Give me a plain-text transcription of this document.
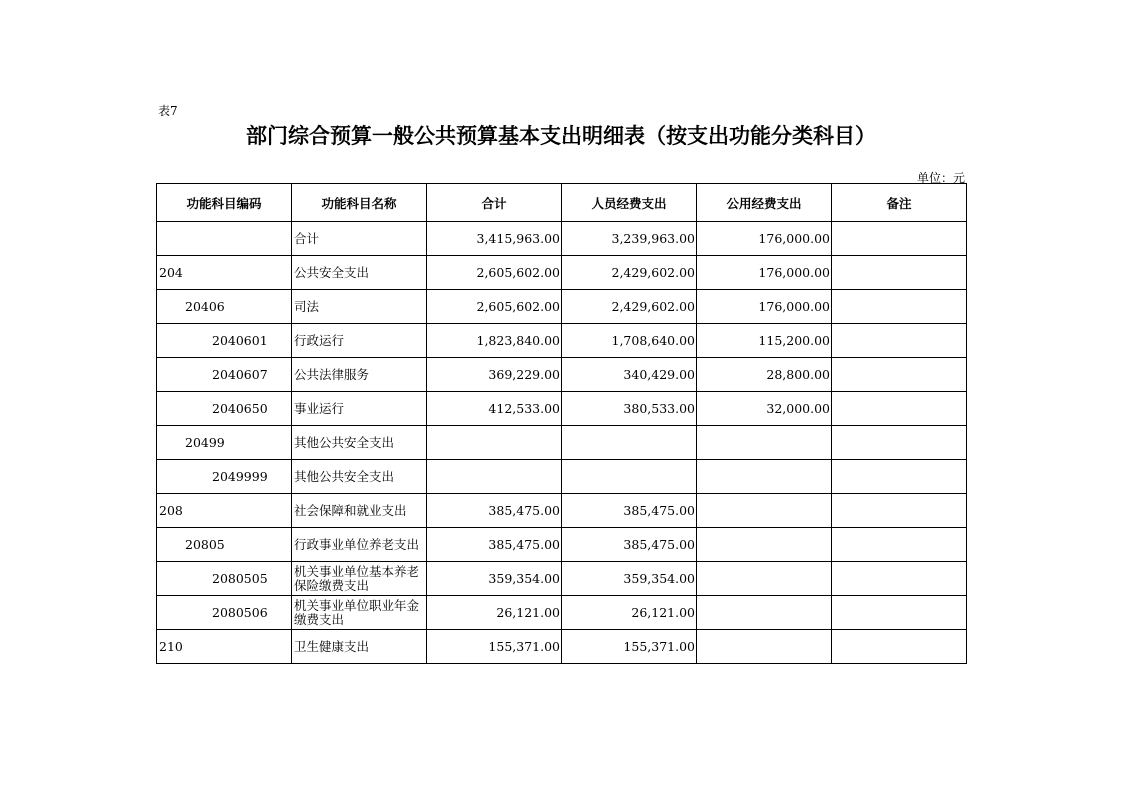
表7
部门综合预算一般公共预算基本支出明细表（按支出功能分类科目）
单位：元
功能科目编码	功能科目名称	合计	人员经费支出	公用经费支出	备注
	合计	3,415,963.00	3,239,963.00	176,000.00	
204	公共安全支出	2,605,602.00	2,429,602.00	176,000.00	
20406	司法	2,605,602.00	2,429,602.00	176,000.00	
2040601	行政运行	1,823,840.00	1,708,640.00	115,200.00	
2040607	公共法律服务	369,229.00	340,429.00	28,800.00	
2040650	事业运行	412,533.00	380,533.00	32,000.00	
20499	其他公共安全支出				
2049999	其他公共安全支出				
208	社会保障和就业支出	385,475.00	385,475.00		
20805	行政事业单位养老支出	385,475.00	385,475.00		
2080505	机关事业单位基本养老保险缴费支出	359,354.00	359,354.00		
2080506	机关事业单位职业年金缴费支出	26,121.00	26,121.00		
210	卫生健康支出	155,371.00	155,371.00		
